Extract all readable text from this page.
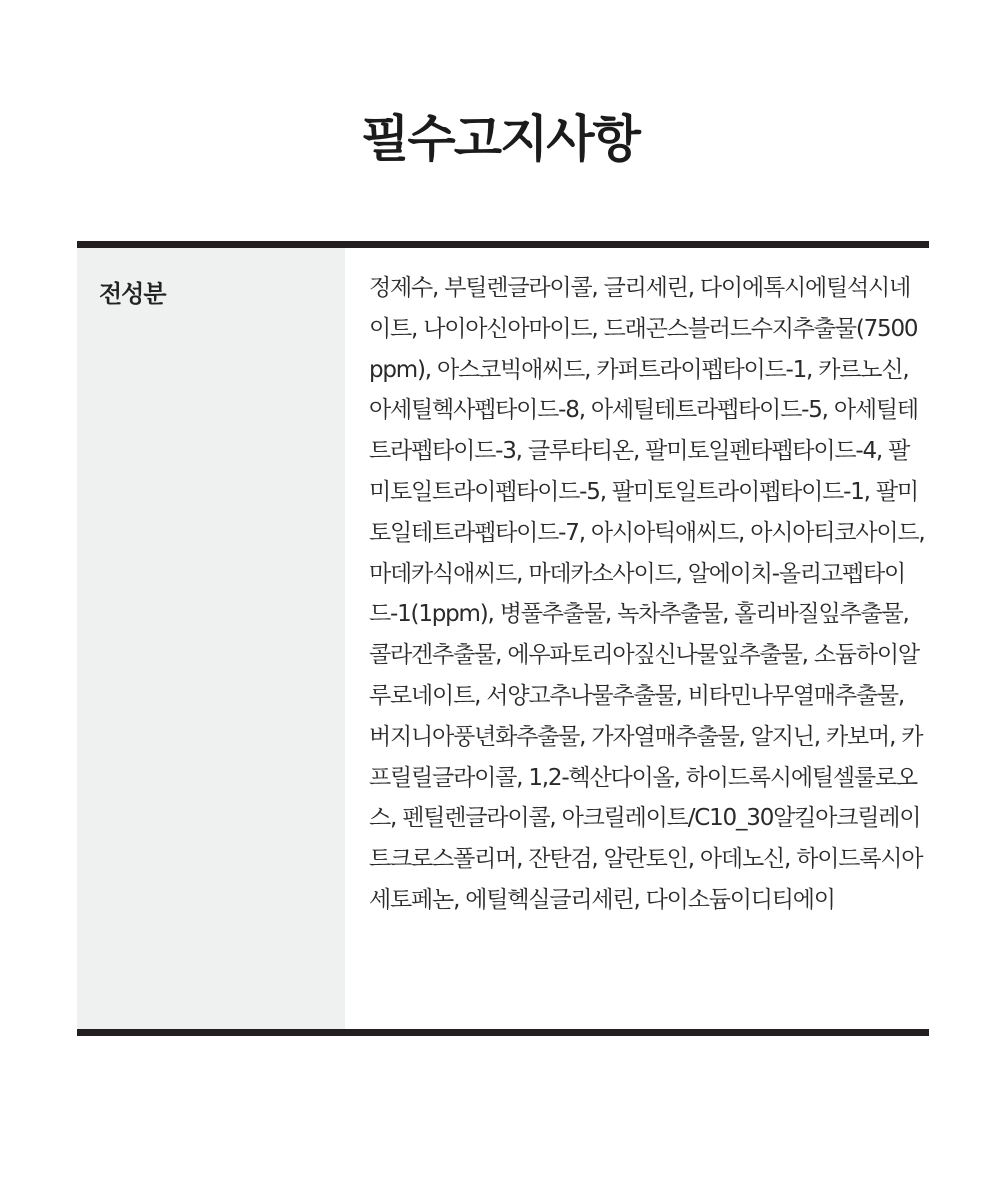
필수고지사항
전성분	정제수, 부틸렌글라이콜, 글리세린, 다이에톡시에틸석시네이트, 나이아신아마이드, 드래곤스블러드수지추출물(7500ppm), 아스코빅애씨드, 카퍼트라이펩타이드-1, 카르노신, 아세틸헥사펩타이드-8, 아세틸테트라펩타이드-5, 아세틸테트라펩타이드-3, 글루타티온, 팔미토일펜타펩타이드-4, 팔미토일트라이펩타이드-5, 팔미토일트라이펩타이드-1, 팔미토일테트라펩타이드-7, 아시아틱애씨드, 아시아티코사이드, 마데카식애씨드, 마데카소사이드, 알에이치-올리고펩타이드-1(1ppm), 병풀추출물, 녹차추출물, 홀리바질잎추출물, 콜라겐추출물, 에우파토리아짚신나물잎추출물, 소듐하이알루로네이트, 서양고추나물추출물, 비타민나무열매추출물, 버지니아풍년화추출물, 가자열매추출물, 알지닌, 카보머, 카프릴릴글라이콜, 1,2-헥산다이올, 하이드록시에틸셀룰로오스, 펜틸렌글라이콜, 아크릴레이트/C10_30알킬아크릴레이트크로스폴리머, 잔탄검, 알란토인, 아데노신, 하이드록시아세토페논, 에틸헥실글리세린, 다이소듐이디티에이
